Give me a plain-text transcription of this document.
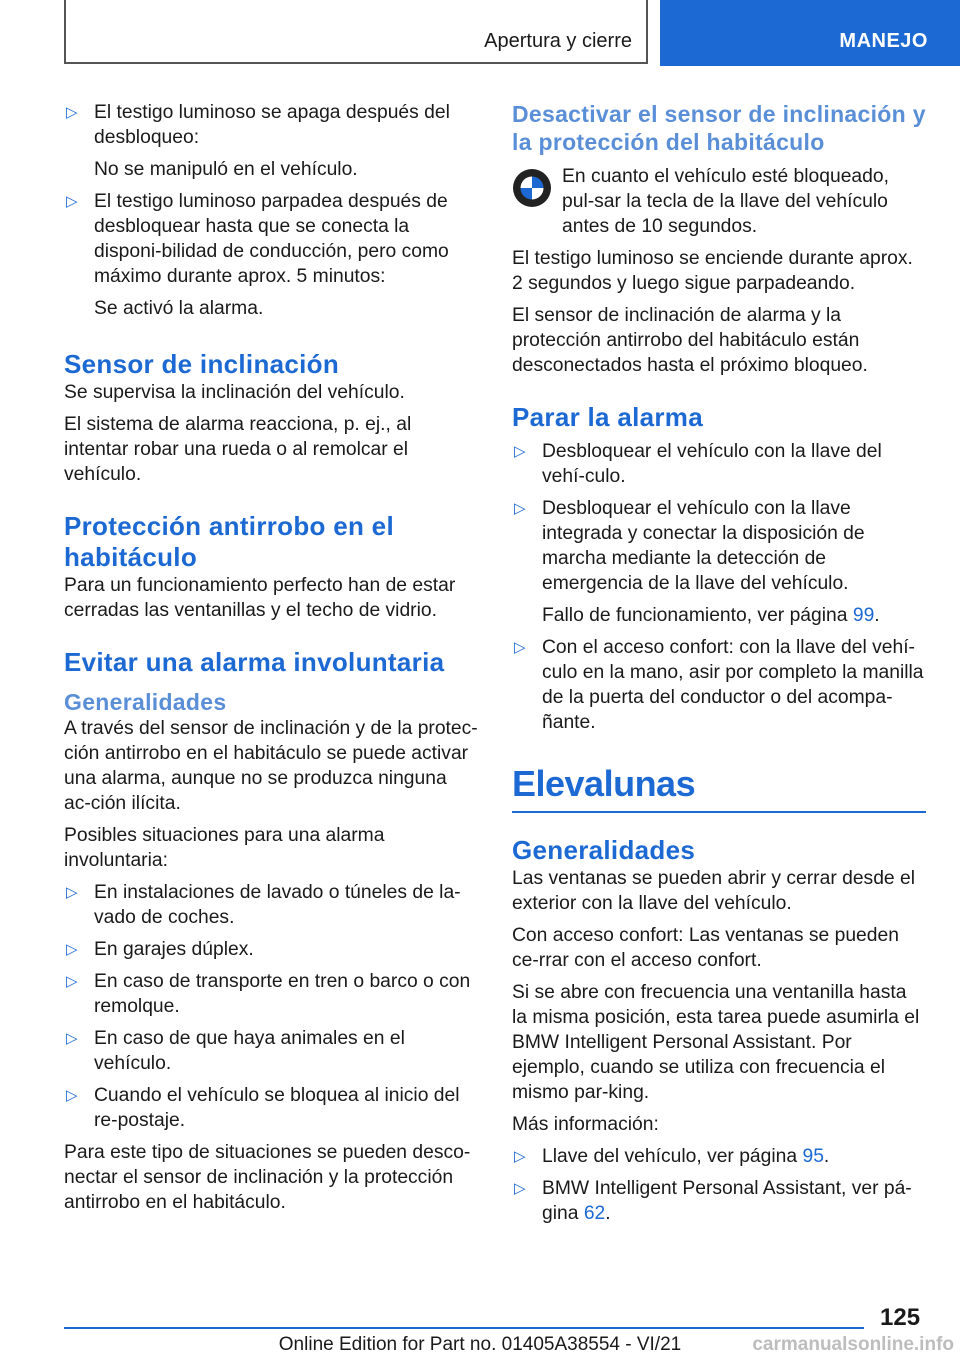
Apertura y cierre	MANEJO
▷ El testigo luminoso se apaga después del desbloqueo:
No se manipuló en el vehículo.
▷ El testigo luminoso parpadea después de desbloquear hasta que se conecta la disponi-bilidad de conducción, pero como máximo durante aprox. 5 minutos:
Se activó la alarma.
Sensor de inclinación

Se supervisa la inclinación del vehículo.

El sistema de alarma reacciona, p. ej., al intentar robar una rueda o al remolcar el vehículo.

Protección antirrobo en el habitáculo

Para un funcionamiento perfecto han de estar cerradas las ventanillas y el techo de vidrio.

Evitar una alarma involuntaria
Generalidades

A través del sensor de inclinación y de la protec-ción antirrobo en el habitáculo se puede activar una alarma, aunque no se produzca ninguna ac-ción ilícita.

Posibles situaciones para una alarma involuntaria:

▷ En instalaciones de lavado o túneles de la-vado de coches.
▷ En garajes dúplex.
▷ En caso de transporte en tren o barco o con remolque.
▷ En caso de que haya animales en el vehículo.
▷ Cuando el vehículo se bloquea al inicio del re-postaje.

Para este tipo de situaciones se pueden desco-nectar el sensor de inclinación y la protección antirrobo en el habitáculo.

Desactivar el sensor de inclinación y la protección del habitáculo

En cuanto el vehículo esté bloqueado, pul-sar la tecla de la llave del vehículo antes de 10 segundos.

El testigo luminoso se enciende durante aprox. 2 segundos y luego sigue parpadeando.

El sensor de inclinación de alarma y la protección antirrobo del habitáculo están desconectados hasta el próximo bloqueo.

Parar la alarma
▷ Desbloquear el vehículo con la llave del vehí-culo.
▷ Desbloquear el vehículo con la llave integrada y conectar la disposición de marcha mediante la detección de emergencia de la llave del vehículo.
Fallo de funcionamiento, ver página 99.
▷ Con el acceso confort: con la llave del vehí-culo en la mano, asir por completo la manilla de la puerta del conductor o del acompa-ñante.
Elevalunas
Generalidades

Las ventanas se pueden abrir y cerrar desde el exterior con la llave del vehículo.

Con acceso confort: Las ventanas se pueden ce-rrar con el acceso confort.

Si se abre con frecuencia una ventanilla hasta la misma posición, esta tarea puede asumirla el BMW Intelligent Personal Assistant. Por ejemplo, cuando se utiliza con frecuencia el mismo par-king.

Más información:

▷ Llave del vehículo, ver página 95.
▷ BMW Intelligent Personal Assistant, ver pá-gina 62.
125
Online Edition for Part no. 01405A38554 - VI/21	carmanualsonline.info
